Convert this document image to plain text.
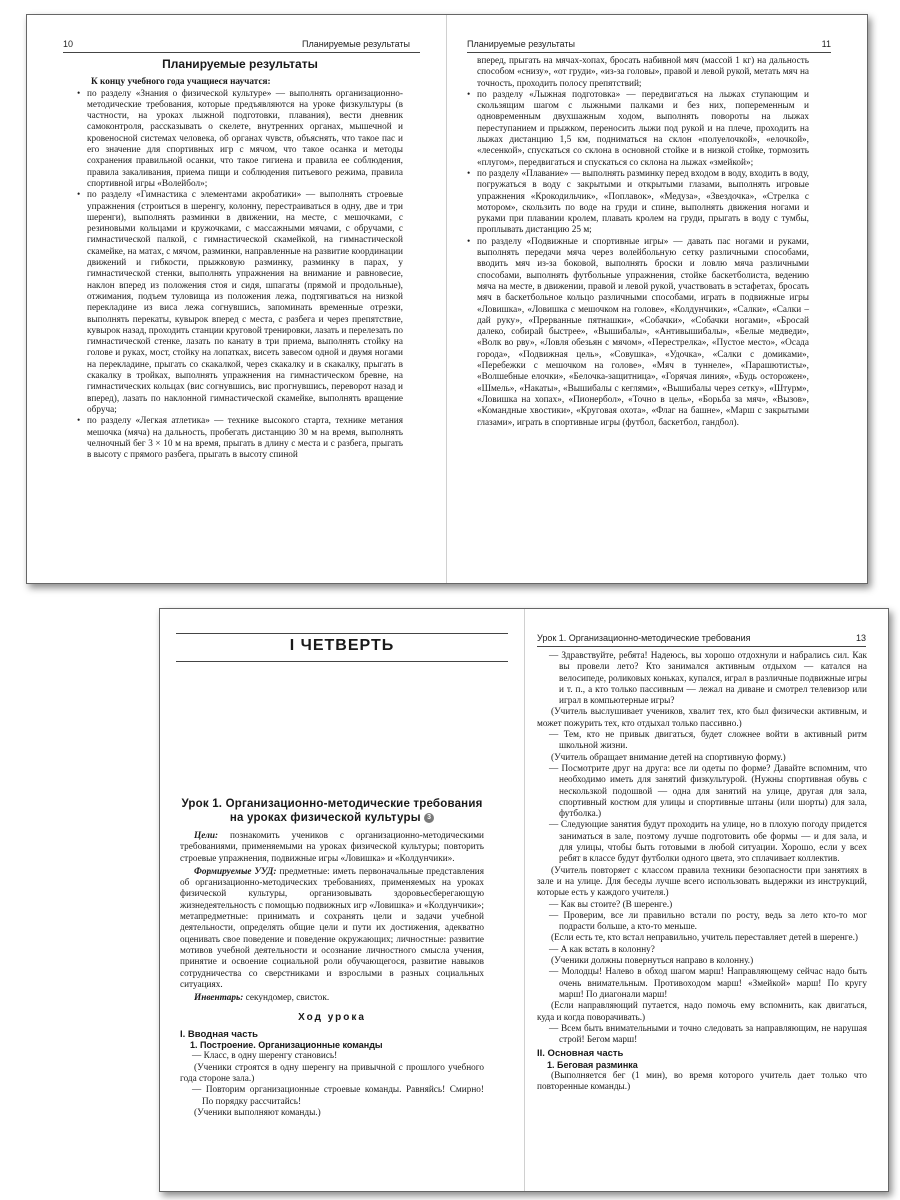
10	Планируемые результаты

Планируемые результаты

К концу учебного года учащиеся научатся:

• по разделу «Знания о физической культуре» — выполнять организационно-методические требования, которые предъявляются на уроке физкультуры (в частности, на уроках лыжной подготовки, плавания), вести дневник самоконтроля, рассказывать о скелете, внутренних органах, мышечной и кровеносной системах человека, об органах чувств, объяснять, что такое пас и его значение для спортивных игр с мячом, что такое осанка и методы сохранения правильной осанки, что такое гигиена и правила ее соблюдения, правила закаливания, приема пищи и соблюдения питьевого режима, правила спортивной игры «Волейбол»;

• по разделу «Гимнастика с элементами акробатики» — выполнять строевые упражнения (строиться в шеренгу, колонну, перестраиваться в одну, две и три шеренги), выполнять разминки в движении, на месте, с мешочками, с резиновыми кольцами и кружочками, с массажными мячами, с обручами, с гимнастической палкой, с гимнастической скамейкой, на гимнастической скамейке, на матах, с мячом, разминки, направленные на развитие координации движений и гибкости, прыжковую разминку, разминку в парах, у гимнастической стенки, выполнять упражнения на внимание и равновесие, наклон вперед из положения стоя и сидя, шпагаты (прямой и продольные), отжимания, подъем туловища из положения лежа, подтягиваться на низкой перекладине из виса лежа согнувшись, запоминать временные отрезки, выполнять перекаты, кувырок вперед с места, с разбега и через препятствие, кувырок назад, проходить станции круговой тренировки, лазать и перелезать по гимнастической стенке, лазать по канату в три приема, выполнять стойку на голове и руках, мост, стойку на лопатках, висеть завесом одной и двумя ногами на перекладине, прыгать со скакалкой, через скакалку и в скакалку, прыгать в скакалку в тройках, выполнять упражнения на гимнастическом бревне, на гимнастических кольцах (вис согнувшись, вис прогнувшись, переворот назад и вперед), лазать по наклонной гимнастической скамейке, выполнять вращение обруча;

• по разделу «Легкая атлетика» — технике высокого старта, технике метания мешочка (мяча) на дальность, пробегать дистанцию 30 м на время, выполнять челночный бег 3 × 10 м на время, прыгать в длину с места и с разбега, прыгать в высоту с прямого разбега, прыгать в высоту спиной

Планируемые результаты	11

вперед, прыгать на мячах-хопах, бросать набивной мяч (массой 1 кг) на дальность способом «снизу», «от груди», «из-за головы», правой и левой рукой, метать мяч на точность, проходить полосу препятствий;

• по разделу «Лыжная подготовка» — передвигаться на лыжах ступающим и скользящим шагом с лыжными палками и без них, попеременным и одновременным двухшажным ходом, выполнять повороты на лыжах переступанием и прыжком, переносить лыжи под рукой и на плече, проходить на лыжах дистанцию 1,5 км, подниматься на склон «полуелочкой», «елочкой», «лесенкой», спускаться со склона в основной стойке и в низкой стойке, тормозить «плугом», передвигаться и спускаться со склона на лыжах «змейкой»;

• по разделу «Плавание» — выполнять разминку перед входом в воду, входить в воду, погружаться в воду с закрытыми и открытыми глазами, выполнять игровые упражнения «Крокодильчик», «Поплавок», «Медуза», «Звездочка», «Стрелка с мотором», скользить по воде на груди и спине, выполнять движения ногами и руками при плавании кролем, плавать кролем на груди, прыгать в воду с тумбы, проплывать дистанцию 25 м;

• по разделу «Подвижные и спортивные игры» — давать пас ногами и руками, выполнять передачи мяча через волейбольную сетку различными способами, вводить мяч из-за боковой, выполнять броски и ловлю мяча различными способами, выполнять футбольные упражнения, стойке баскетболиста, ведению мяча на месте, в движении, правой и левой рукой, участвовать в эстафетах, бросать мяч в баскетбольное кольцо различными способами, играть в подвижные игры «Ловишка», «Ловишка с мешочком на голове», «Колдунчики», «Салки», «Салки – дай руку», «Прерванные пятнашки», «Собачки», «Собачки ногами», «Бросай далеко, собирай быстрее», «Вышибалы», «Антивышибалы», «Белые медведи», «Волк во рву», «Ловля обезьян с мячом», «Перестрелка», «Пустое место», «Осада города», «Подвижная цель», «Совушка», «Удочка», «Салки с домиками», «Перебежки с мешочком на голове», «Мяч в туннеле», «Парашютисты», «Волшебные елочки», «Белочка-защитница», «Горячая линия», «Будь осторожен», «Шмель», «Накаты», «Вышибалы с кеглями», «Вышибалы через сетку», «Штурм», «Ловишка на хопах», «Пионербол», «Точно в цель», «Борьба за мяч», «Вызов», «Командные хвостики», «Круговая охота», «Флаг на башне», «Марш с закрытыми глазами», играть в спортивные игры (футбол, баскетбол, гандбол).

I ЧЕТВЕРТЬ

Урок 1. Организационно-методические требования на уроках физической культуры 3

Цели: познакомить учеников с организационно-методическими требованиями, применяемыми на уроках физической культуры; повторить строевые упражнения, подвижные игры «Ловишка» и «Колдунчики».

Формируемые УУД: предметные: иметь первоначальные представления об организационно-методических требованиях, применяемых на уроках физической культуры, организовывать здоровьесберегающую жизнедеятельность с помощью подвижных игр «Ловишка» и «Колдунчики»; метапредметные: принимать и сохранять цели и задачи учебной деятельности, определять общие цели и пути их достижения, адекватно оценивать свое поведение и поведение окружающих; личностные: развитие мотивов учебной деятельности и осознание личностного смысла учения, принятие и освоение социальной роли обучающегося, развитие навыков сотрудничества со сверстниками и взрослыми в разных социальных ситуациях.

Инвентарь: секундомер, свисток.

Ход урока

I. Вводная часть

1. Построение. Организационные команды

— Класс, в одну шеренгу становись!

(Ученики строятся в одну шеренгу на привычной с прошлого учебного года стороне зала.)

— Повторим организационные строевые команды. Равняйсь! Смирно! По порядку рассчитайсь!

(Ученики выполняют команды.)

Урок 1. Организационно-методические требования	13

— Здравствуйте, ребята! Надеюсь, вы хорошо отдохнули и набрались сил. Как вы провели лето? Кто занимался активным отдыхом — катался на велосипеде, роликовых коньках, купался, играл в различные подвижные игры и т. п., а кто только пассивным — лежал на диване и смотрел телевизор или играл в компьютерные игры?

(Учитель выслушивает учеников, хвалит тех, кто был физически активным, и может пожурить тех, кто отдыхал только пассивно.)

— Тем, кто не привык двигаться, будет сложнее войти в активный ритм школьной жизни.

(Учитель обращает внимание детей на спортивную форму.)

— Посмотрите друг на друга: все ли одеты по форме? Давайте вспомним, что необходимо иметь для занятий физкультурой. (Нужны спортивная обувь с нескользкой подошвой — одна для занятий на улице, другая для зала, спортивный костюм для улицы и спортивные штаны (или шорты) для зала, футболка.)

— Следующие занятия будут проходить на улице, но в плохую погоду придется заниматься в зале, поэтому лучше подготовить обе формы — и для зала, и для улицы, чтобы быть готовыми в любой ситуации. Хорошо, если у всех ребят в классе будут футболки одного цвета, это сплачивает коллектив.

(Учитель повторяет с классом правила техники безопасности при занятиях в зале и на улице. Для беседы лучше всего использовать выдержки из инструкций, которые есть у каждого учителя.)

— Как вы стоите? (В шеренге.)

— Проверим, все ли правильно встали по росту, ведь за лето кто-то мог подрасти больше, а кто-то меньше.

(Если есть те, кто встал неправильно, учитель переставляет детей в шеренге.)

— А как встать в колонну?

(Ученики должны повернуться направо в колонну.)

— Молодцы! Налево в обход шагом марш! Направляющему сейчас надо быть очень внимательным. Противоходом марш! «Змейкой» марш! По кругу марш! По диагонали марш!

(Если направляющий путается, надо помочь ему вспомнить, как двигаться, куда и когда поворачивать.)

— Всем быть внимательными и точно следовать за направляющим, не нарушая строй! Бегом марш!

II. Основная часть

1. Беговая разминка

(Выполняется бег (1 мин), во время которого учитель дает только что повторенные команды.)
